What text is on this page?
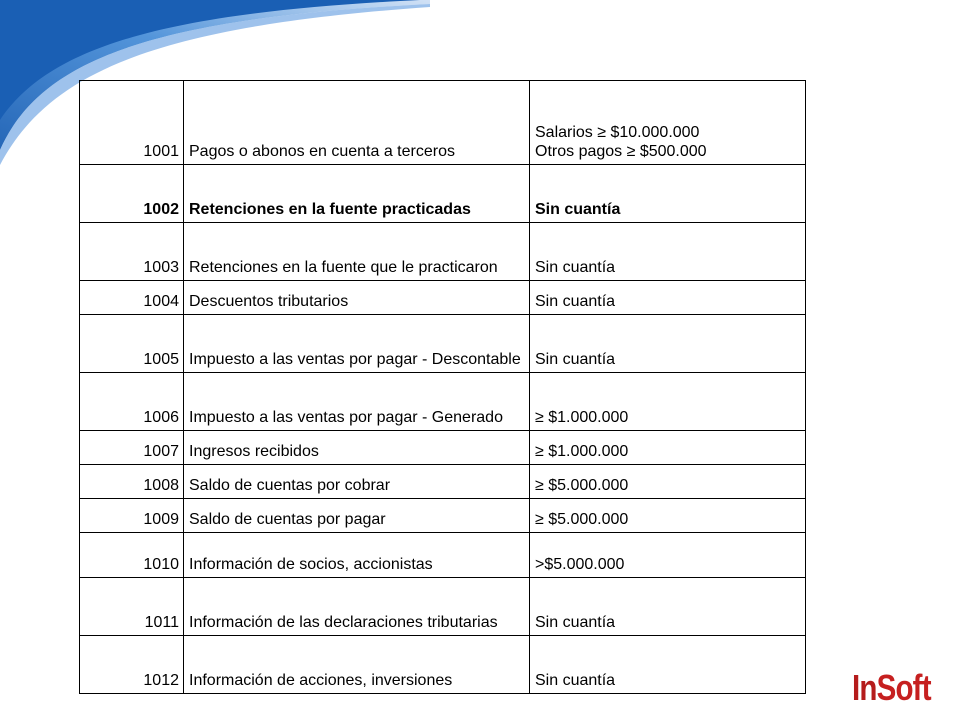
1001	Pagos o abonos en cuenta a terceros	Salarios ≥ $10.000.000
Otros pagos ≥ $500.000

1002	Retenciones en la fuente practicadas	Sin cuantía
1003	Retenciones en la fuente que le practicaron	Sin cuantía
1004	Descuentos tributarios	Sin cuantía
1005	Impuesto a las ventas por pagar - Descontable	Sin cuantía
1006	Impuesto a las ventas por pagar - Generado	≥ $1.000.000
1007	Ingresos recibidos	≥ $1.000.000
1008	Saldo de cuentas por cobrar	≥ $5.000.000
1009	Saldo de cuentas por pagar	≥ $5.000.000
1010	Información de socios, accionistas	>$5.000.000
1011	Información de las declaraciones tributarias	Sin cuantía
1012	Información de acciones, inversiones	Sin cuantía	InSoft
